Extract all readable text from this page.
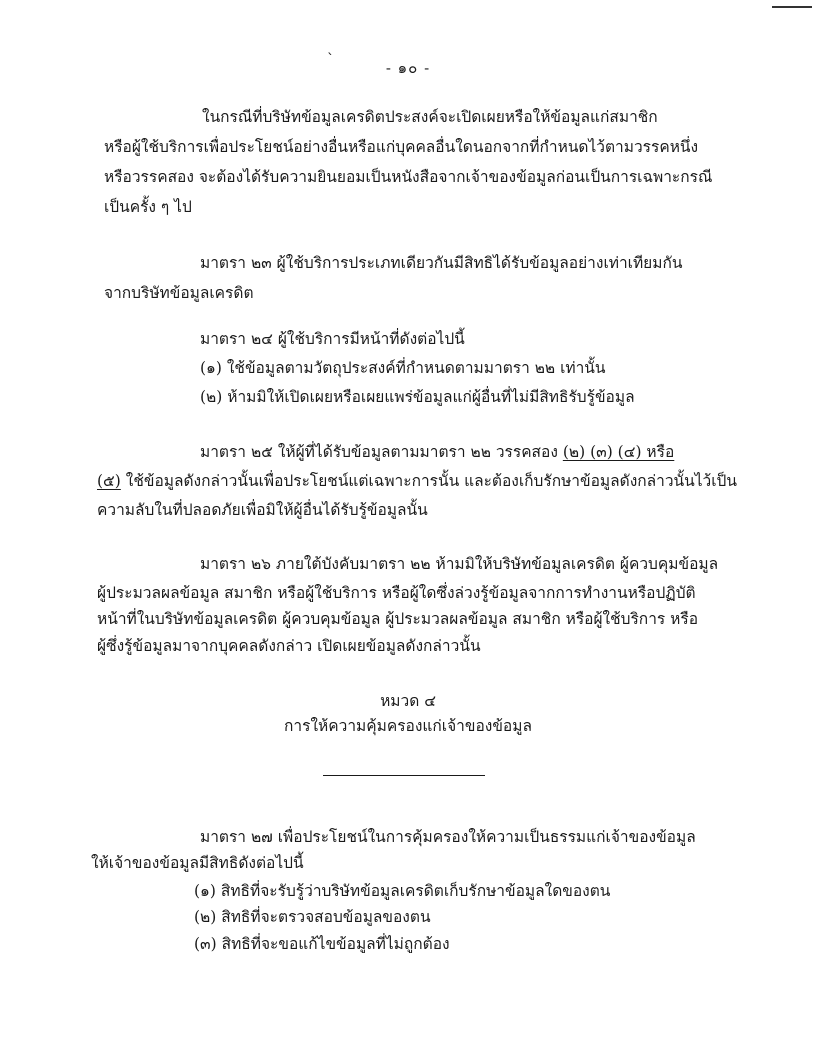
`	- ๑๐ -
ในกรณีที่บริษัทข้อมูลเครดิตประสงค์จะเปิดเผยหรือให้ข้อมูลแก่สมาชิก
หรือผู้ใช้บริการเพื่อประโยชน์อย่างอื่นหรือแก่บุคคลอื่นใดนอกจากที่กำหนดไว้ตามวรรคหนึ่ง
หรือวรรคสอง จะต้องได้รับความยินยอมเป็นหนังสือจากเจ้าของข้อมูลก่อนเป็นการเฉพาะกรณี
เป็นครั้ง ๆ ไป
มาตรา ๒๓ ผู้ใช้บริการประเภทเดียวกันมีสิทธิได้รับข้อมูลอย่างเท่าเทียมกัน
จากบริษัทข้อมูลเครดิต
มาตรา ๒๔ ผู้ใช้บริการมีหน้าที่ดังต่อไปนี้
(๑) ใช้ข้อมูลตามวัตถุประสงค์ที่กำหนดตามมาตรา ๒๒ เท่านั้น
(๒) ห้ามมิให้เปิดเผยหรือเผยแพร่ข้อมูลแก่ผู้อื่นที่ไม่มีสิทธิรับรู้ข้อมูล
มาตรา ๒๕ ให้ผู้ที่ได้รับข้อมูลตามมาตรา ๒๒ วรรคสอง (๒) (๓) (๔) หรือ
(๕) ใช้ข้อมูลดังกล่าวนั้นเพื่อประโยชน์แต่เฉพาะการนั้น และต้องเก็บรักษาข้อมูลดังกล่าวนั้นไว้เป็น
ความลับในที่ปลอดภัยเพื่อมิให้ผู้อื่นได้รับรู้ข้อมูลนั้น
มาตรา ๒๖ ภายใต้บังคับมาตรา ๒๒ ห้ามมิให้บริษัทข้อมูลเครดิต ผู้ควบคุมข้อมูล
ผู้ประมวลผลข้อมูล สมาชิก หรือผู้ใช้บริการ หรือผู้ใดซึ่งล่วงรู้ข้อมูลจากการทำงานหรือปฏิบัติ
หน้าที่ในบริษัทข้อมูลเครดิต ผู้ควบคุมข้อมูล ผู้ประมวลผลข้อมูล สมาชิก หรือผู้ใช้บริการ หรือ
ผู้ซึ่งรู้ข้อมูลมาจากบุคคลดังกล่าว เปิดเผยข้อมูลดังกล่าวนั้น
หมวด ๔
การให้ความคุ้มครองแก่เจ้าของข้อมูล
มาตรา ๒๗ เพื่อประโยชน์ในการคุ้มครองให้ความเป็นธรรมแก่เจ้าของข้อมูล
ให้เจ้าของข้อมูลมีสิทธิดังต่อไปนี้
(๑) สิทธิที่จะรับรู้ว่าบริษัทข้อมูลเครดิตเก็บรักษาข้อมูลใดของตน
(๒) สิทธิที่จะตรวจสอบข้อมูลของตน
(๓) สิทธิที่จะขอแก้ไขข้อมูลที่ไม่ถูกต้อง
